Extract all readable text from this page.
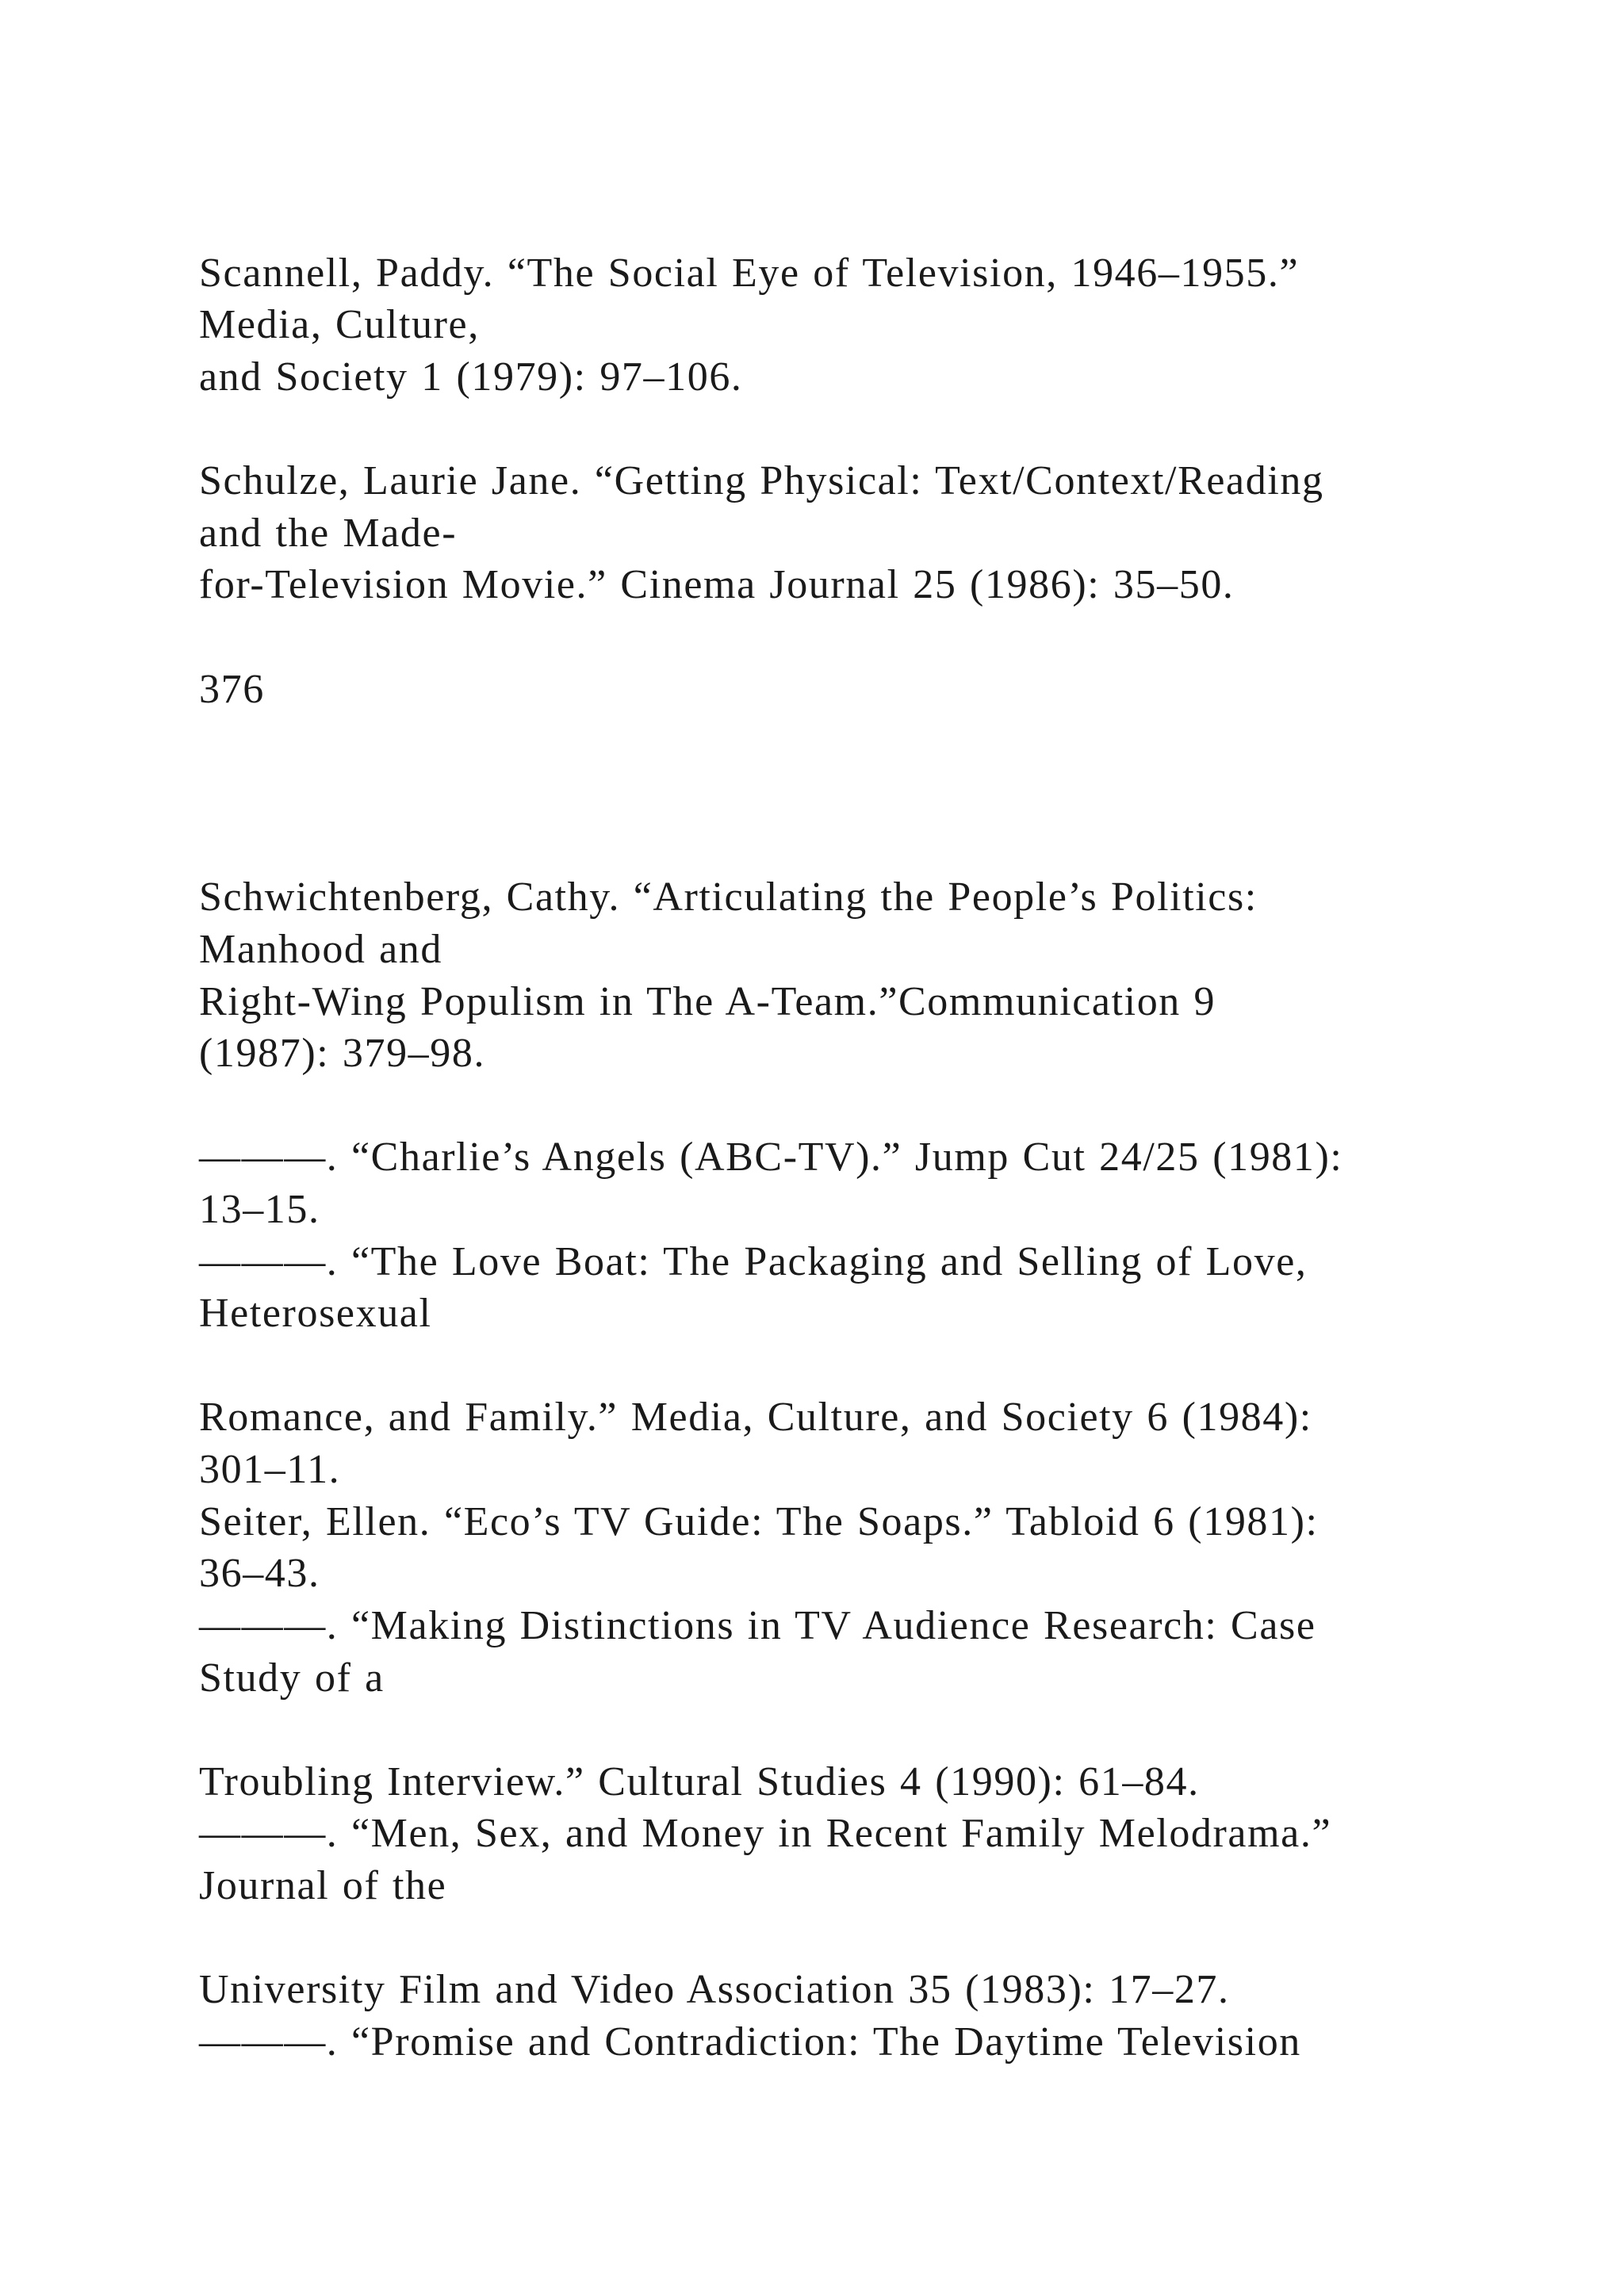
Scannell, Paddy. “The Social Eye of Television, 1946–1955.”

Media, Culture,

and Society 1 (1979): 97–106.

Schulze, Laurie Jane. “Getting Physical: Text/Context/Reading

and the Made-

for-Television Movie.” Cinema Journal 25 (1986): 35–50.

376

Schwichtenberg, Cathy. “Articulating the People’s Politics:

Manhood and

Right-Wing Populism in The A-Team.”Communication 9

(1987): 379–98.

———. “Charlie’s Angels (ABC-TV).” Jump Cut 24/25 (1981):

13–15.

———. “The Love Boat: The Packaging and Selling of Love,

Heterosexual

Romance, and Family.” Media, Culture, and Society 6 (1984):

301–11.

Seiter, Ellen. “Eco’s TV Guide: The Soaps.” Tabloid 6 (1981):

36–43.

———. “Making Distinctions in TV Audience Research: Case

Study of a

Troubling Interview.” Cultural Studies 4 (1990): 61–84.

———. “Men, Sex, and Money in Recent Family Melodrama.”

Journal of the

University Film and Video Association 35 (1983): 17–27.

———. “Promise and Contradiction: The Daytime Television
